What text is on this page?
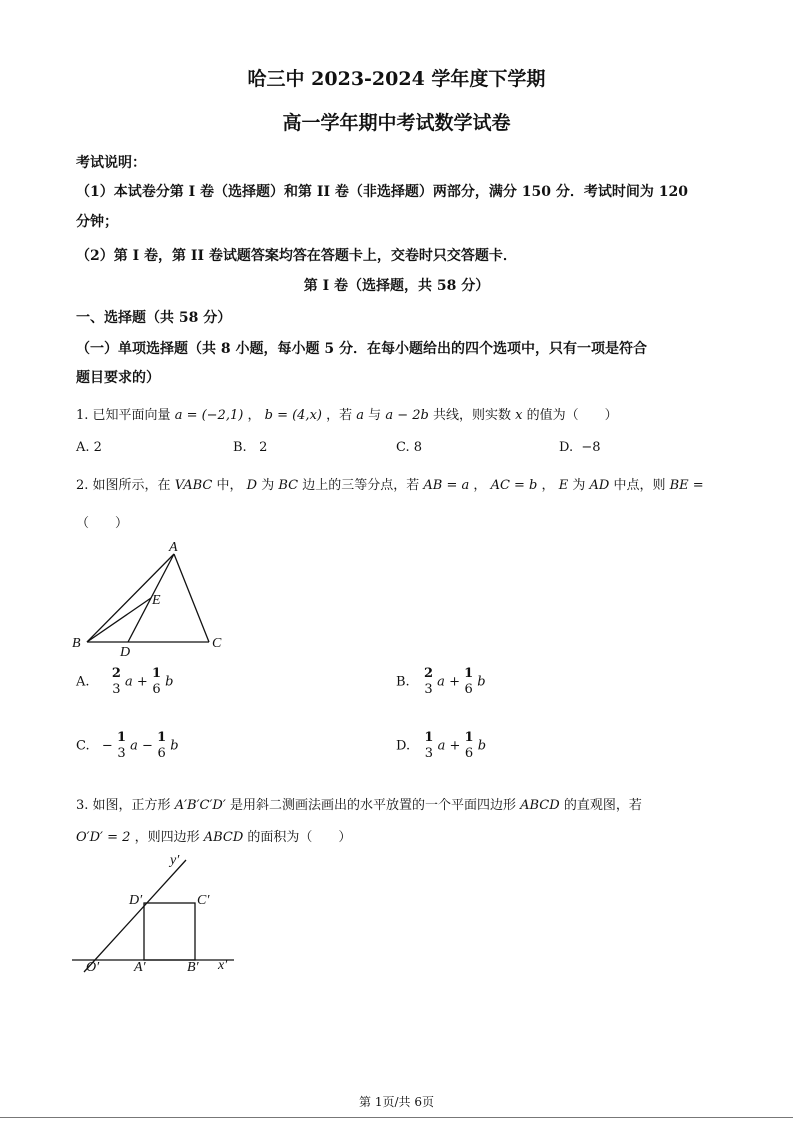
哈三中 2023-2024 学年度下学期
高一学年期中考试数学试卷
考试说明：
（1）本试卷分第 I 卷（选择题）和第 II 卷（非选择题）两部分，满分 150 分．考试时间为 120
分钟；
（2）第 I 卷，第 II 卷试题答案均答在答题卡上，交卷时只交答题卡．
第 I 卷（选择题，共 58 分）
一、选择题（共 58 分）
（一）单项选择题（共 8 小题，每小题 5 分．在每小题给出的四个选项中，只有一项是符合
题目要求的）
1. 已知平面向量 a = (−2,1) ， b = (4,x) ，若 a 与 a − 2b 共线，则实数 x 的值为（　　）
A. 2	B. 2	C. 8	D. −8
2. 如图所示，在 VABC 中， D 为 BC 边上的三等分点，若 AB = a ， AC = b ， E 为 AD 中点，则 BE =
（　　）
A
B	C
D
E
A.
2
3 a +
1
6 b	B.
2
3 a +
1
6 b
C. −
1
3 a −
1
6 b	D.
1
3 a +
1
6 b
3. 如图，正方形 A′B′C′D′ 是用斜二测画法画出的水平放置的一个平面四边形 ABCD 的直观图，若
O′D′ = 2 ，则四边形 ABCD 的面积为（　　）
y′
D′	C′
O′ A′	B′ x′
第 1页/共 6页
